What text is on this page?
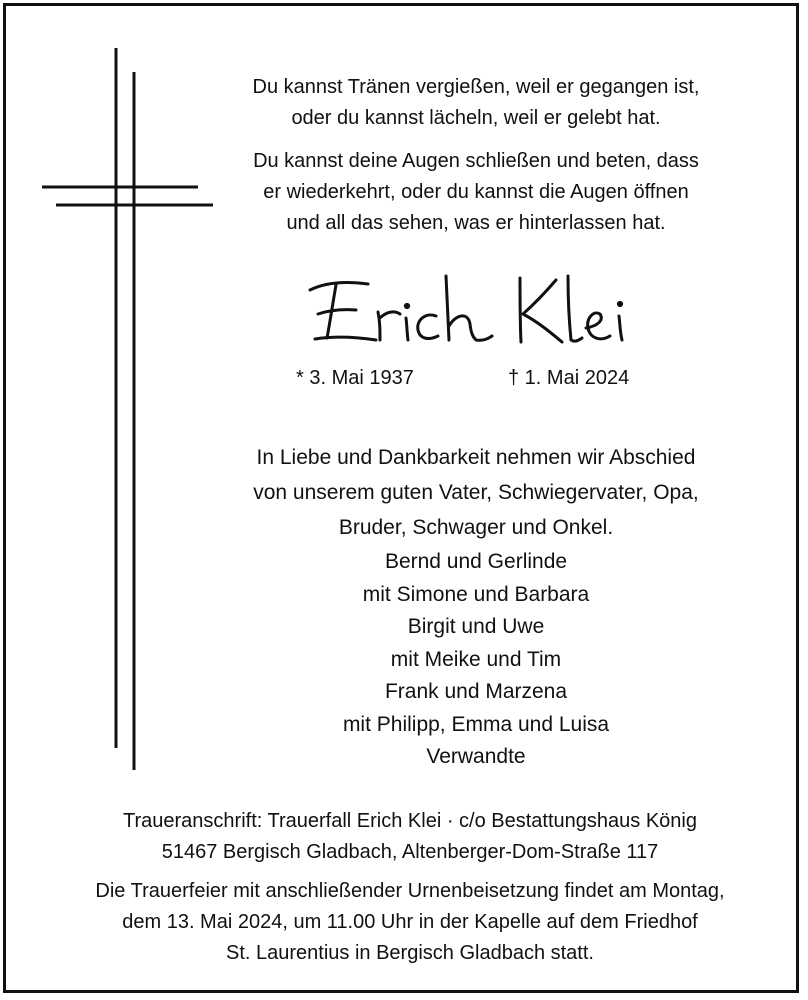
Du kannst Tränen vergießen, weil er gegangen ist,
oder du kannst lächeln, weil er gelebt hat.
Du kannst deine Augen schließen und beten, dass
er wiederkehrt, oder du kannst die Augen öffnen
und all das sehen, was er hinterlassen hat.
* 3. Mai 1937	† 1. Mai 2024
In Liebe und Dankbarkeit nehmen wir Abschied
von unserem guten Vater, Schwiegervater, Opa,
Bruder, Schwager und Onkel.
Bernd und Gerlinde
mit Simone und Barbara
Birgit und Uwe
mit Meike und Tim
Frank und Marzena
mit Philipp, Emma und Luisa
Verwandte
Traueranschrift: Trauerfall Erich Klei · c/o Bestattungshaus König
51467 Bergisch Gladbach, Altenberger-Dom-Straße 117
Die Trauerfeier mit anschließender Urnenbeisetzung findet am Montag,
dem 13. Mai 2024, um 11.00 Uhr in der Kapelle auf dem Friedhof
St. Laurentius in Bergisch Gladbach statt.
